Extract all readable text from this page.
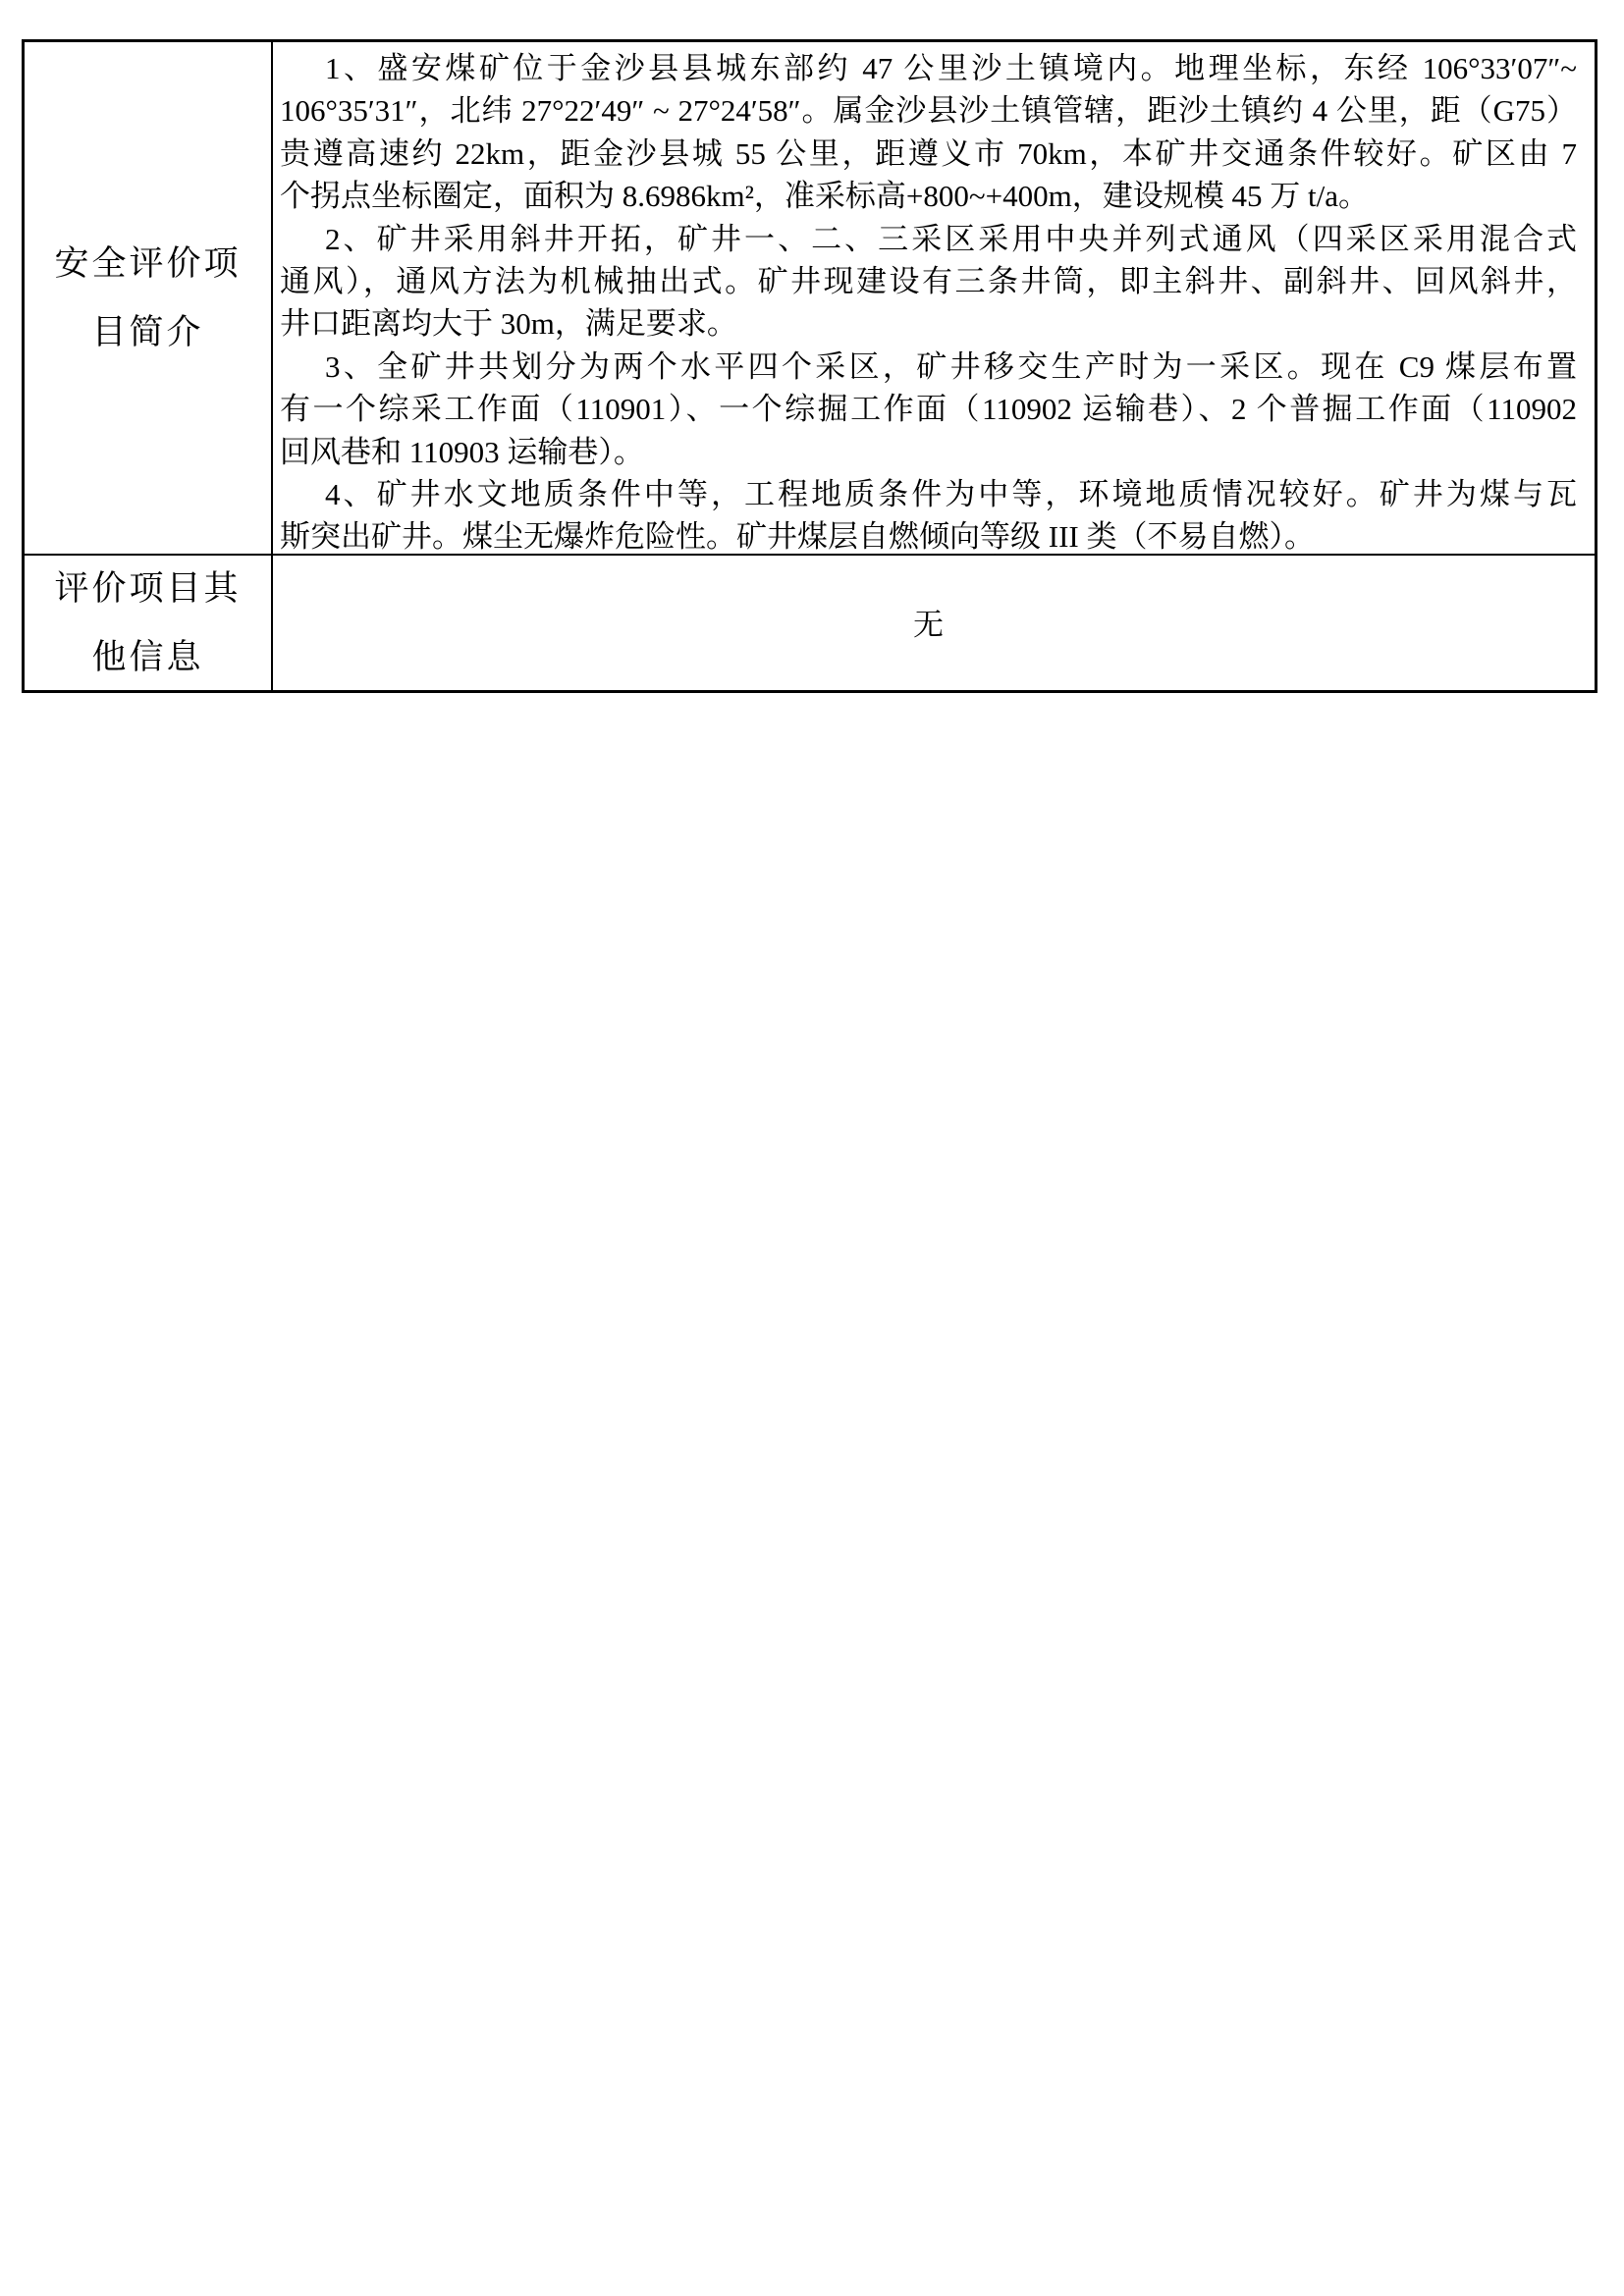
安全评价项
目简介
1、盛安煤矿位于金沙县县城东部约 47 公里沙土镇境内。地理坐标，东经 106°33′07″~
106°35′31″，北纬 27°22′49″ ~ 27°24′58″。属金沙县沙土镇管辖，距沙土镇约 4 公里，距（G75）
贵遵高速约 22km，距金沙县城 55 公里，距遵义市 70km，本矿井交通条件较好。矿区由 7
个拐点坐标圈定，面积为 8.6986km²，准采标高+800~+400m，建设规模 45 万 t/a。
2、矿井采用斜井开拓，矿井一、二、三采区采用中央并列式通风（四采区采用混合式
通风），通风方法为机械抽出式。矿井现建设有三条井筒，即主斜井、副斜井、回风斜井，
井口距离均大于 30m，满足要求。
3、全矿井共划分为两个水平四个采区，矿井移交生产时为一采区。现在 C9 煤层布置
有一个综采工作面（110901）、一个综掘工作面（110902 运输巷）、2 个普掘工作面（110902
回风巷和 110903 运输巷）。
4、矿井水文地质条件中等，工程地质条件为中等，环境地质情况较好。矿井为煤与瓦
斯突出矿井。煤尘无爆炸危险性。矿井煤层自燃倾向等级 III 类（不易自燃）。
评价项目其
他信息
无
